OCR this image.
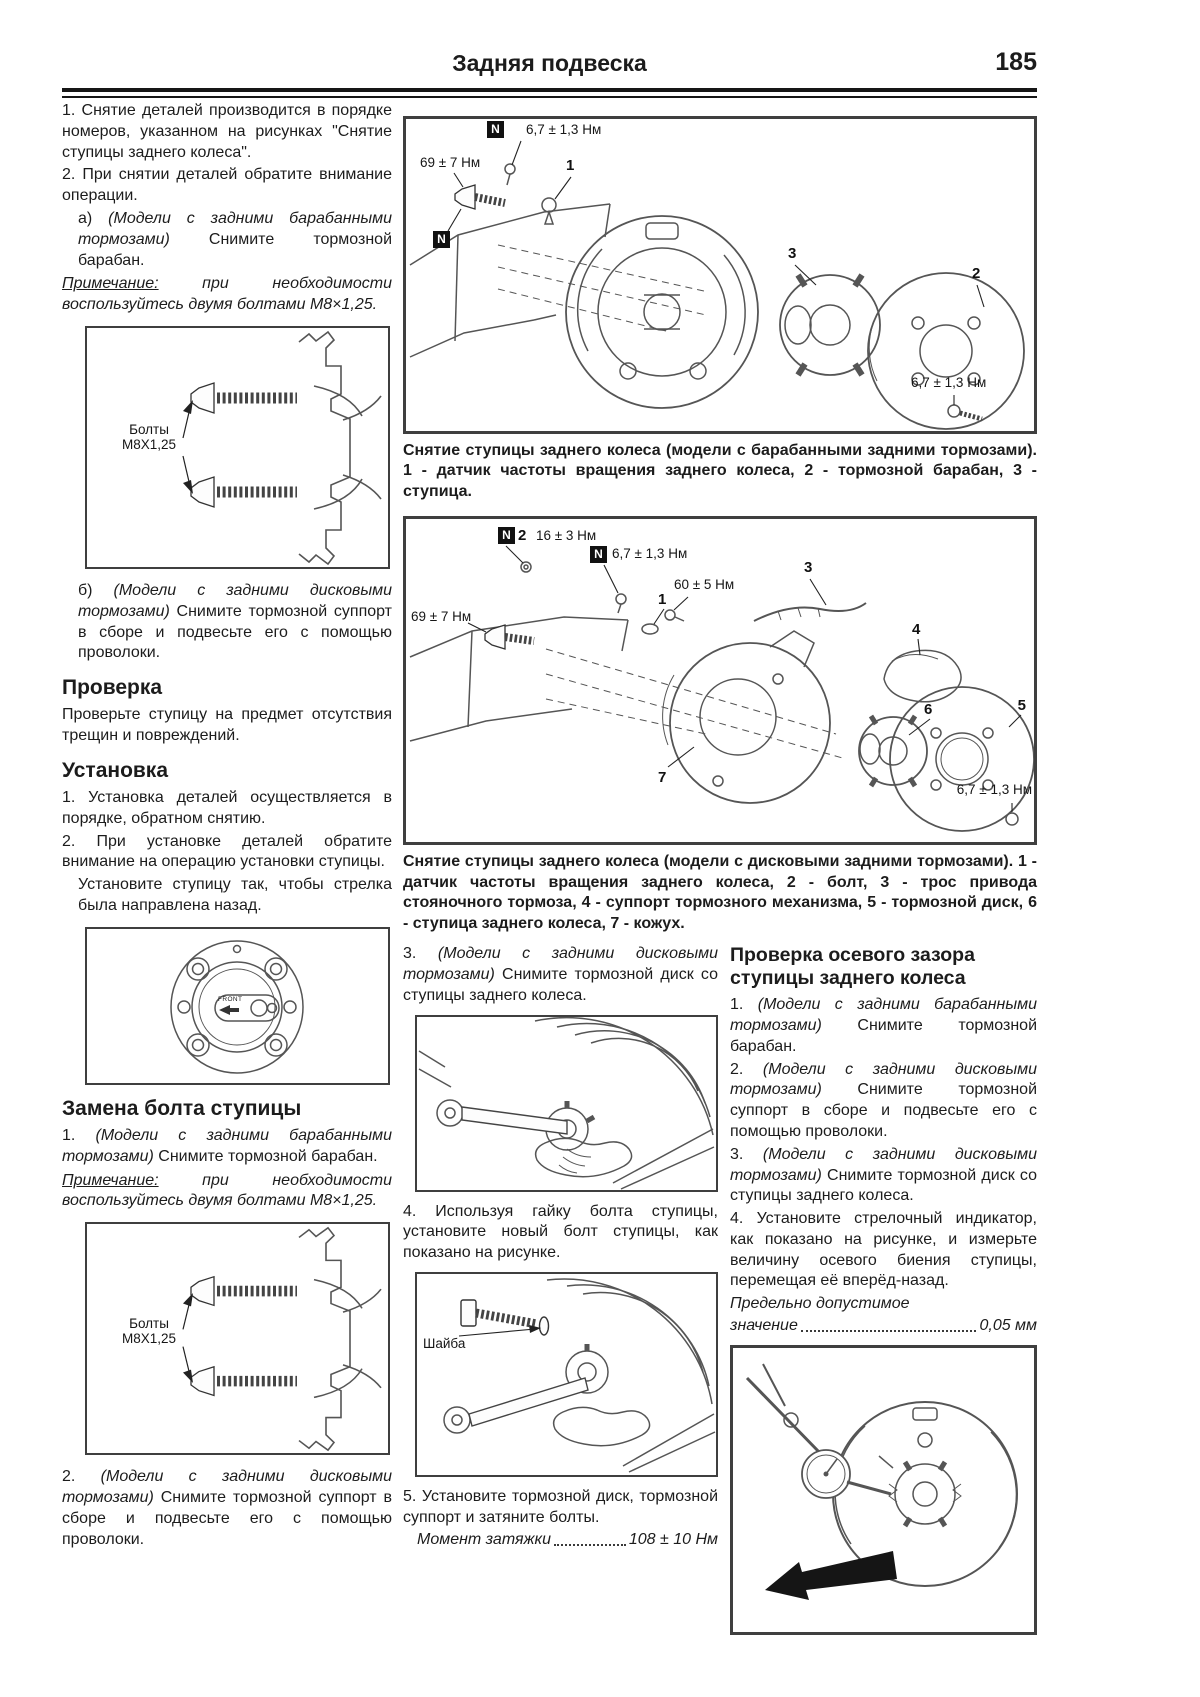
Задняя подвеска	185

1. Снятие деталей производится в порядке номеров, указанном на рисунках "Снятие ступицы заднего колеса".

2. При снятии деталей обратите внимание операции.

а) (Модели с задними барабанными тормозами) Снимите тормозной барабан.

Примечание: при необходимости воспользуйтесь двумя болтами М8×1,25.

Болты
М8Х1,25

б) (Модели с задними дисковыми тормозами) Снимите тормозной суппорт в сборе и подвесьте его с помощью проволоки.

Проверка

Проверьте ступицу на предмет отсутствия трещин и повреждений.

Установка

1. Установка деталей осуществляется в порядке, обратном снятию.

2. При установке деталей обратите внимание на операцию установки ступицы.

Установите ступицу так, чтобы стрелка была направлена назад.

FRONT
Замена болта ступицы

1. (Модели с задними барабанными тормозами) Снимите тормозной барабан.

Примечание: при необходимости воспользуйтесь двумя болтами М8×1,25.

Болты
М8Х1,25

2. (Модели с задними дисковыми тормозами) Снимите тормозной суппорт в сборе и подвесьте его с помощью проволоки.

N	6,7 ± 1,3 Нм
69 ± 7 Нм
N
1
3
2
6,7 ± 1,3 Нм

Снятие ступицы заднего колеса (модели с барабанными задними тормозами). 1 - датчик частоты вращения заднего колеса, 2 - тормозной барабан, 3 - ступица.

N 2 16 ± 3 Нм
N 6,7 ± 1,3 Нм
60 ± 5 Нм
1
3
69 ± 7 Нм
4
6	5
7
6,7 ± 1,3 Нм

Снятие ступицы заднего колеса (модели с дисковыми задними тормозами). 1 - датчик частоты вращения заднего колеса, 2 - болт, 3 - трос привода стояночного тормоза, 4 - суппорт тормозного механизма, 5 - тормозной диск, 6 - ступица заднего колеса, 7 - кожух.

3. (Модели с задними дисковыми тормозами) Снимите тормозной диск со ступицы заднего колеса.

4. Используя гайку болта ступицы, установите новый болт ступицы, как показано на рисунке.

Шайба

5. Установите тормозной диск, тормозной суппорт и затяните болты.

Момент затяжки	108 ± 10 Нм
Проверка осевого зазора ступицы заднего колеса

1. (Модели с задними барабанными тормозами) Снимите тормозной барабан.

2. (Модели с задними дисковыми тормозами) Снимите тормозной суппорт в сборе и подвесьте его с помощью проволоки.

3. (Модели с задними дисковыми тормозами) Снимите тормозной диск со ступицы заднего колеса.

4. Установите стрелочный индикатор, как показано на рисунке, и измерьте величину осевого биения ступицы, перемещая её вперёд-назад.

Предельно допустимое

значение	0,05 мм
